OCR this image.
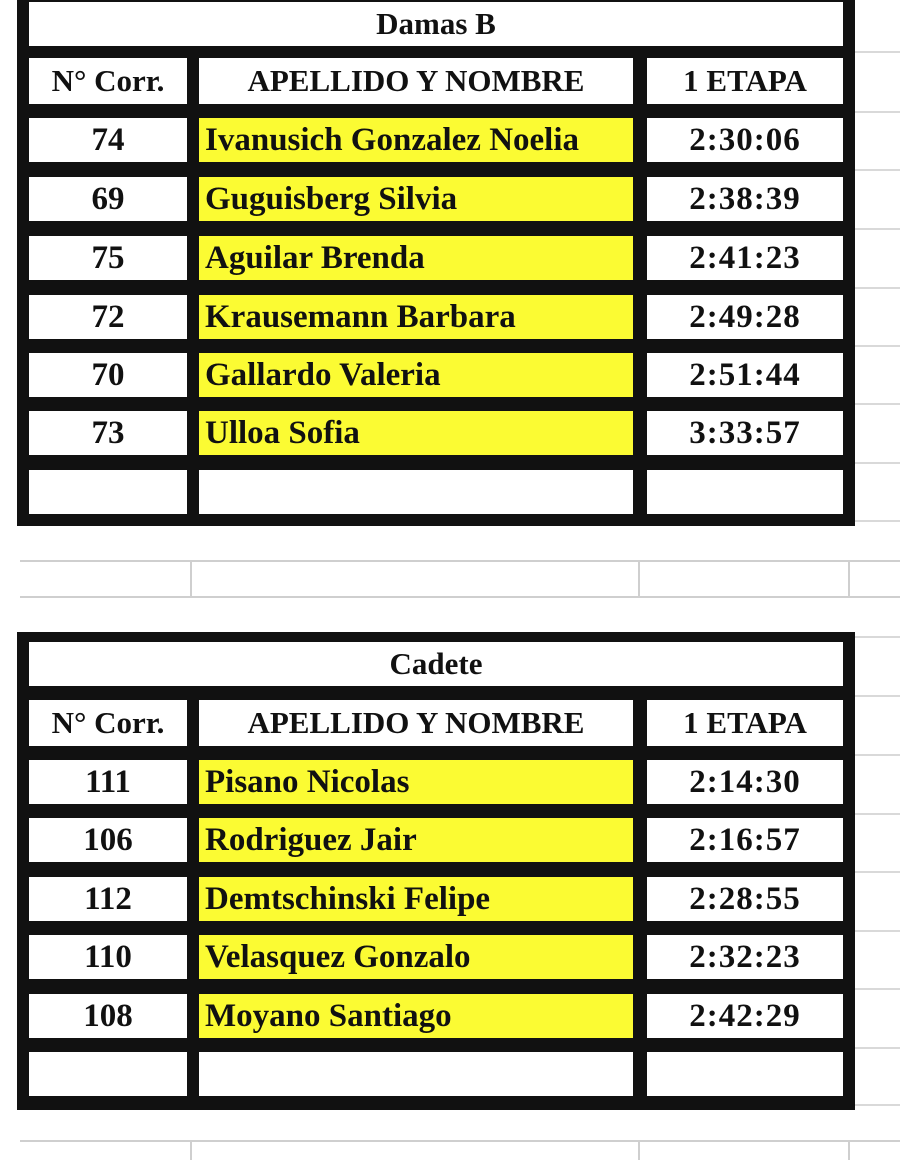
Damas B
N° Corr.	APELLIDO Y NOMBRE	1 ETAPA
74	Ivanusich Gonzalez Noelia	2:30:06
69	Guguisberg Silvia	2:38:39
75	Aguilar Brenda	2:41:23
72	Krausemann Barbara	2:49:28
70	Gallardo Valeria	2:51:44
73	Ulloa Sofia	3:33:57
Cadete
N° Corr.	APELLIDO Y NOMBRE	1 ETAPA
111	Pisano Nicolas	2:14:30
106	Rodriguez Jair	2:16:57
112	Demtschinski Felipe	2:28:55
110	Velasquez Gonzalo	2:32:23
108	Moyano Santiago	2:42:29
